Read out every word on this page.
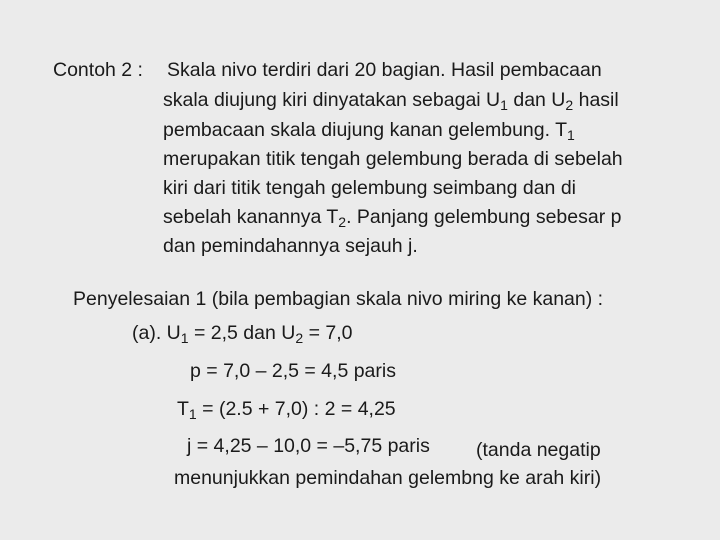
Contoh 2 : Skala nivo terdiri dari 20 bagian. Hasil pembacaan
skala diujung kiri dinyatakan sebagai $U_1$ dan $U_2$ hasil
pembacaan skala diujung kanan gelembung. $T_1$
merupakan titik tengah gelembung berada di sebelah
kiri dari titik tengah gelembung seimbang dan di
sebelah kanannya $T_2$. Panjang gelembung sebesar p
dan pemindahannya sejauh j.
Penyelesaian 1 (bila pembagian skala nivo miring ke kanan) :
(a). $U_1 = 2,5$ dan $U_2 = 7,0$
p = 7,0 – 2,5 = 4,5 paris
$T_1 = (2.5 + 7,0)$ : 2 = 4,25
j = 4,25 – 10,0 = –5,75 paris (tanda negatip
menunjukkan pemindahan gelembng ke arah kiri)
